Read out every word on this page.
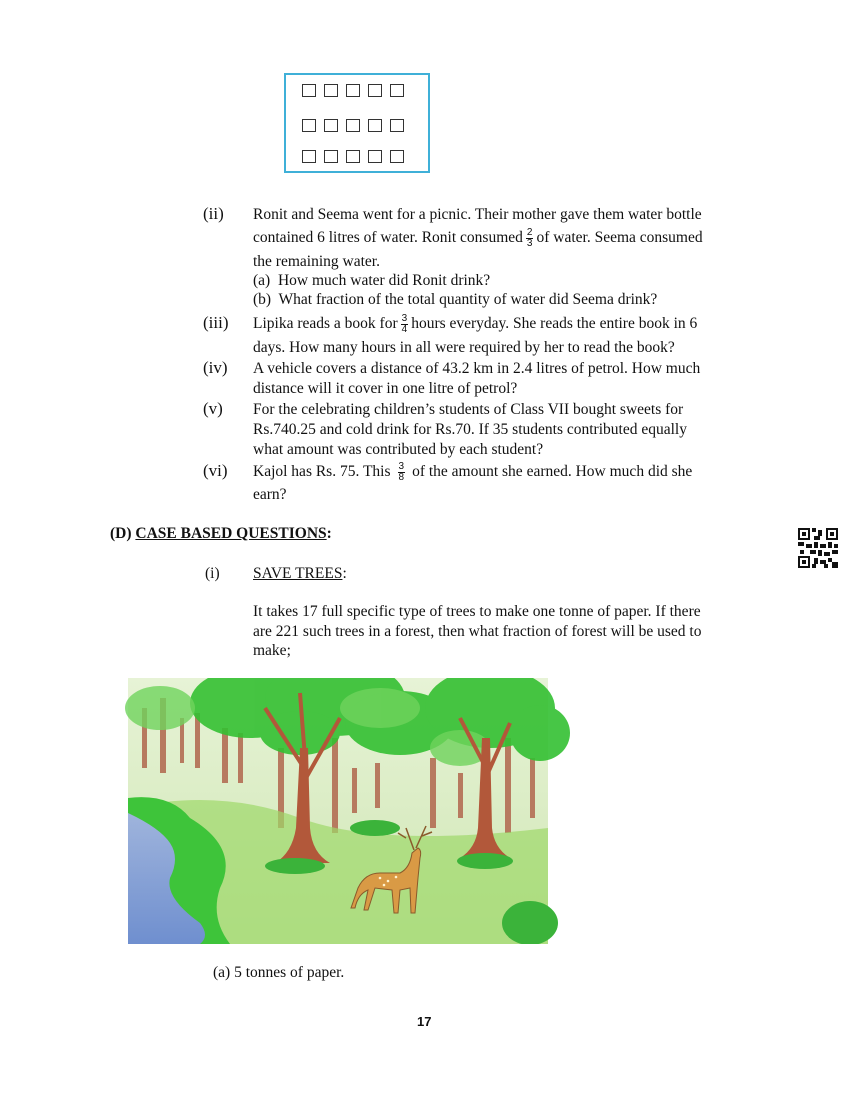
(ii) Ronit and Seema went for a picnic. Their mother gave them water bottle
contained 6 litres of water. Ronit consumed $\frac{2}{3}$ of water. Seema consumed
the remaining water.
(a)  How much water did Ronit drink?
(b)  What fraction of the total quantity of water did Seema drink?
(iii) Lipika reads a book for $\frac{3}{4}$ hours everyday. She reads the entire book in 6
days. How many hours in all were required by her to read the book?
(iv) A vehicle covers a distance of 43.2 km in 2.4 litres of petrol. How much
distance will it cover in one litre of petrol?
(v) For the celebrating children’s students of Class VII bought sweets for
Rs.740.25 and cold drink for Rs.70. If 35 students contributed equally
what amount was contributed by each student?
(vi) Kajol has Rs. 75. This $\frac{3}{8}$ of the amount she earned. How much did she
earn?
(D) CASE BASED QUESTIONS:
(i) SAVE TREES:
It takes 17 full specific type of trees to make one tonne of paper. If there
are 221 such trees in a forest, then what fraction of forest will be used to
make;
(a) 5 tonnes of paper.
17
